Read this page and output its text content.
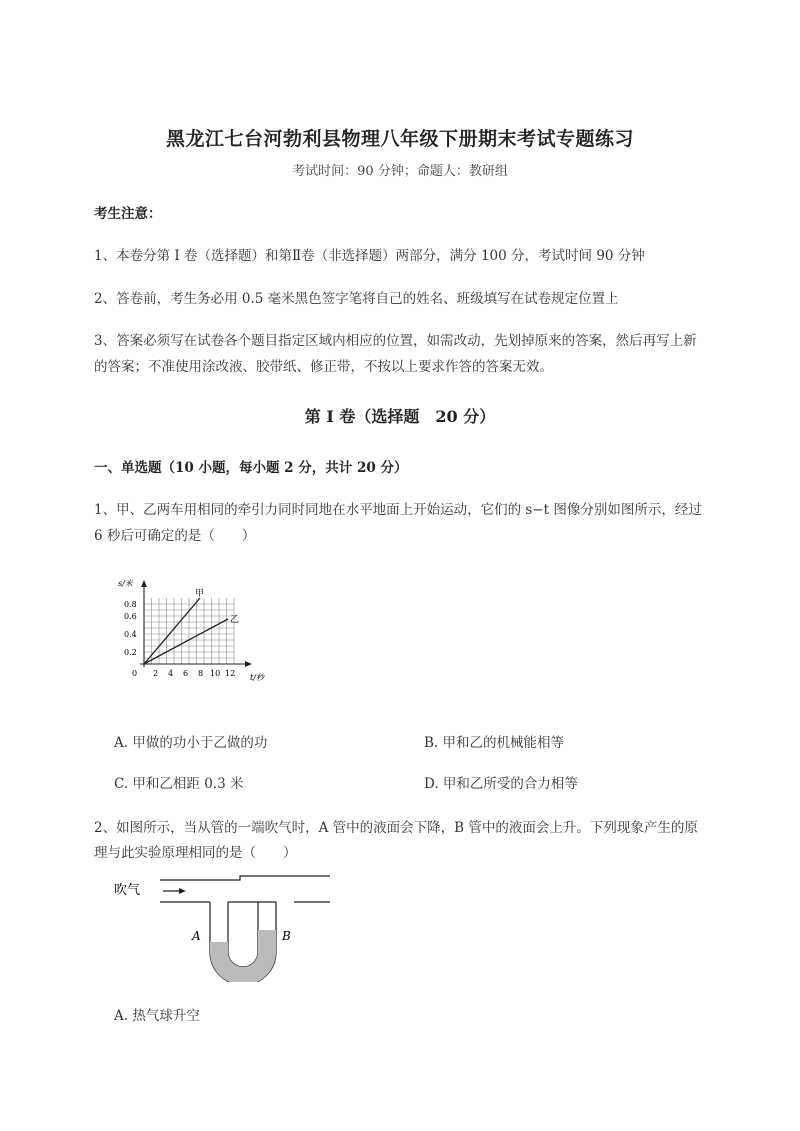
黑龙江七台河勃利县物理八年级下册期末考试专题练习
考试时间：90 分钟；命题人：教研组
考生注意：
1、本卷分第 I 卷（选择题）和第Ⅱ卷（非选择题）两部分，满分 100 分，考试时间 90 分钟
2、答卷前，考生务必用 0.5 毫米黑色签字笔将自己的姓名、班级填写在试卷规定位置上
3、答案必须写在试卷各个题目指定区域内相应的位置，如需改动，先划掉原来的答案，然后再写上新
的答案；不准使用涂改液、胶带纸、修正带，不按以上要求作答的答案无效。
第 I 卷（选择题　20 分）
一、单选题（10 小题，每小题 2 分，共计 20 分）
1、甲、乙两车用相同的牵引力同时同地在水平地面上开始运动，它们的 s−t 图像分别如图所示，经过
6 秒后可确定的是（　　）
s/米
t/秒
0
0.2
0.4
0.6
0.8
2 4 6 8 10 12
甲
乙
A. 甲做的功小于乙做的功	B. 甲和乙的机械能相等
C. 甲和乙相距 0.3 米	D. 甲和乙所受的合力相等
2、如图所示，当从管的一端吹气时，A 管中的液面会下降，B 管中的液面会上升。下列现象产生的原
理与此实验原理相同的是（　　）
吹气
A	B
A. 热气球升空
